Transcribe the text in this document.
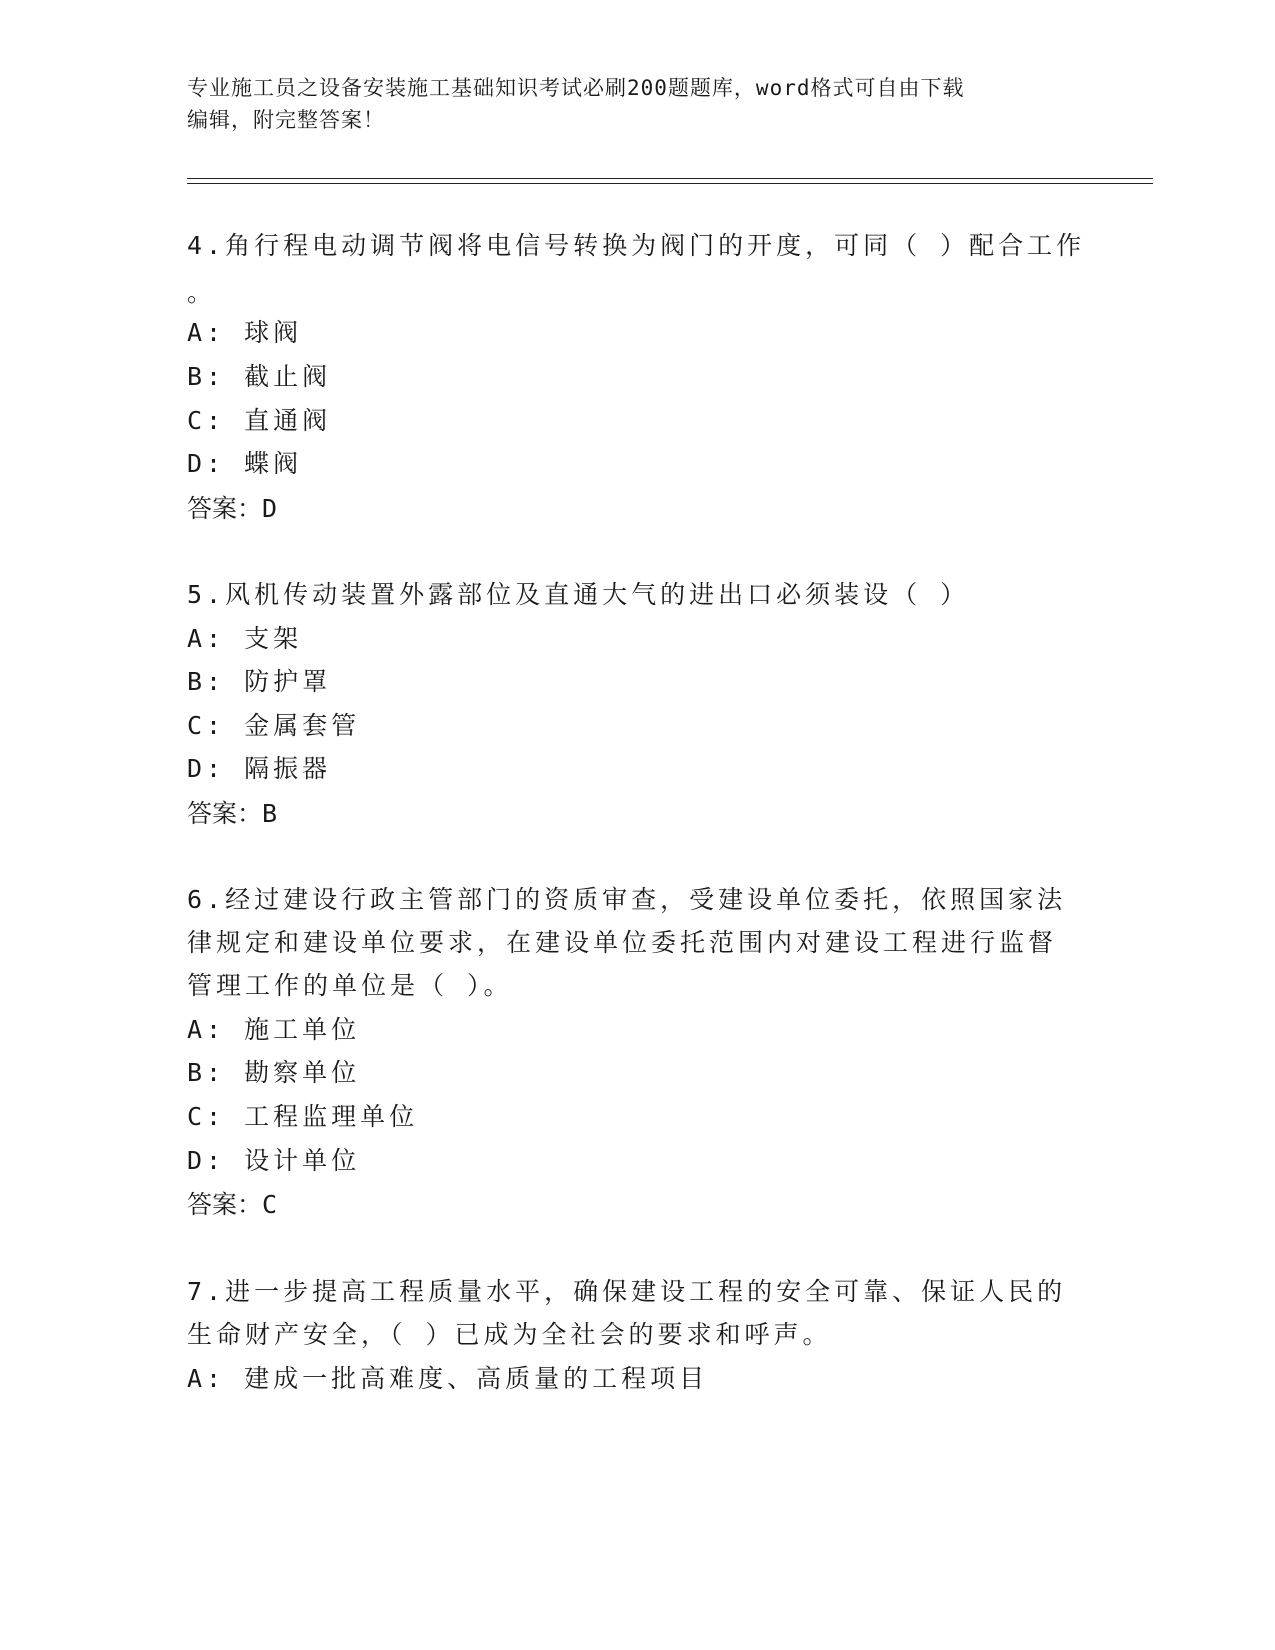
专业施工员之设备安装施工基础知识考试必刷200题题库，word格式可自由下载
编辑，附完整答案！
4.角行程电动调节阀将电信号转换为阀门的开度，可同（ ）配合工作
。
A: 球阀
B: 截止阀
C: 直通阀
D: 蝶阀
答案：D
5.风机传动装置外露部位及直通大气的进出口必须装设（ ）
A: 支架
B: 防护罩
C: 金属套管
D: 隔振器
答案：B
6.经过建设行政主管部门的资质审查，受建设单位委托，依照国家法
律规定和建设单位要求，在建设单位委托范围内对建设工程进行监督
管理工作的单位是（ ）。
A: 施工单位
B: 勘察单位
C: 工程监理单位
D: 设计单位
答案：C
7.进一步提高工程质量水平，确保建设工程的安全可靠、保证人民的
生命财产安全，（ ）已成为全社会的要求和呼声。
A: 建成一批高难度、高质量的工程项目
